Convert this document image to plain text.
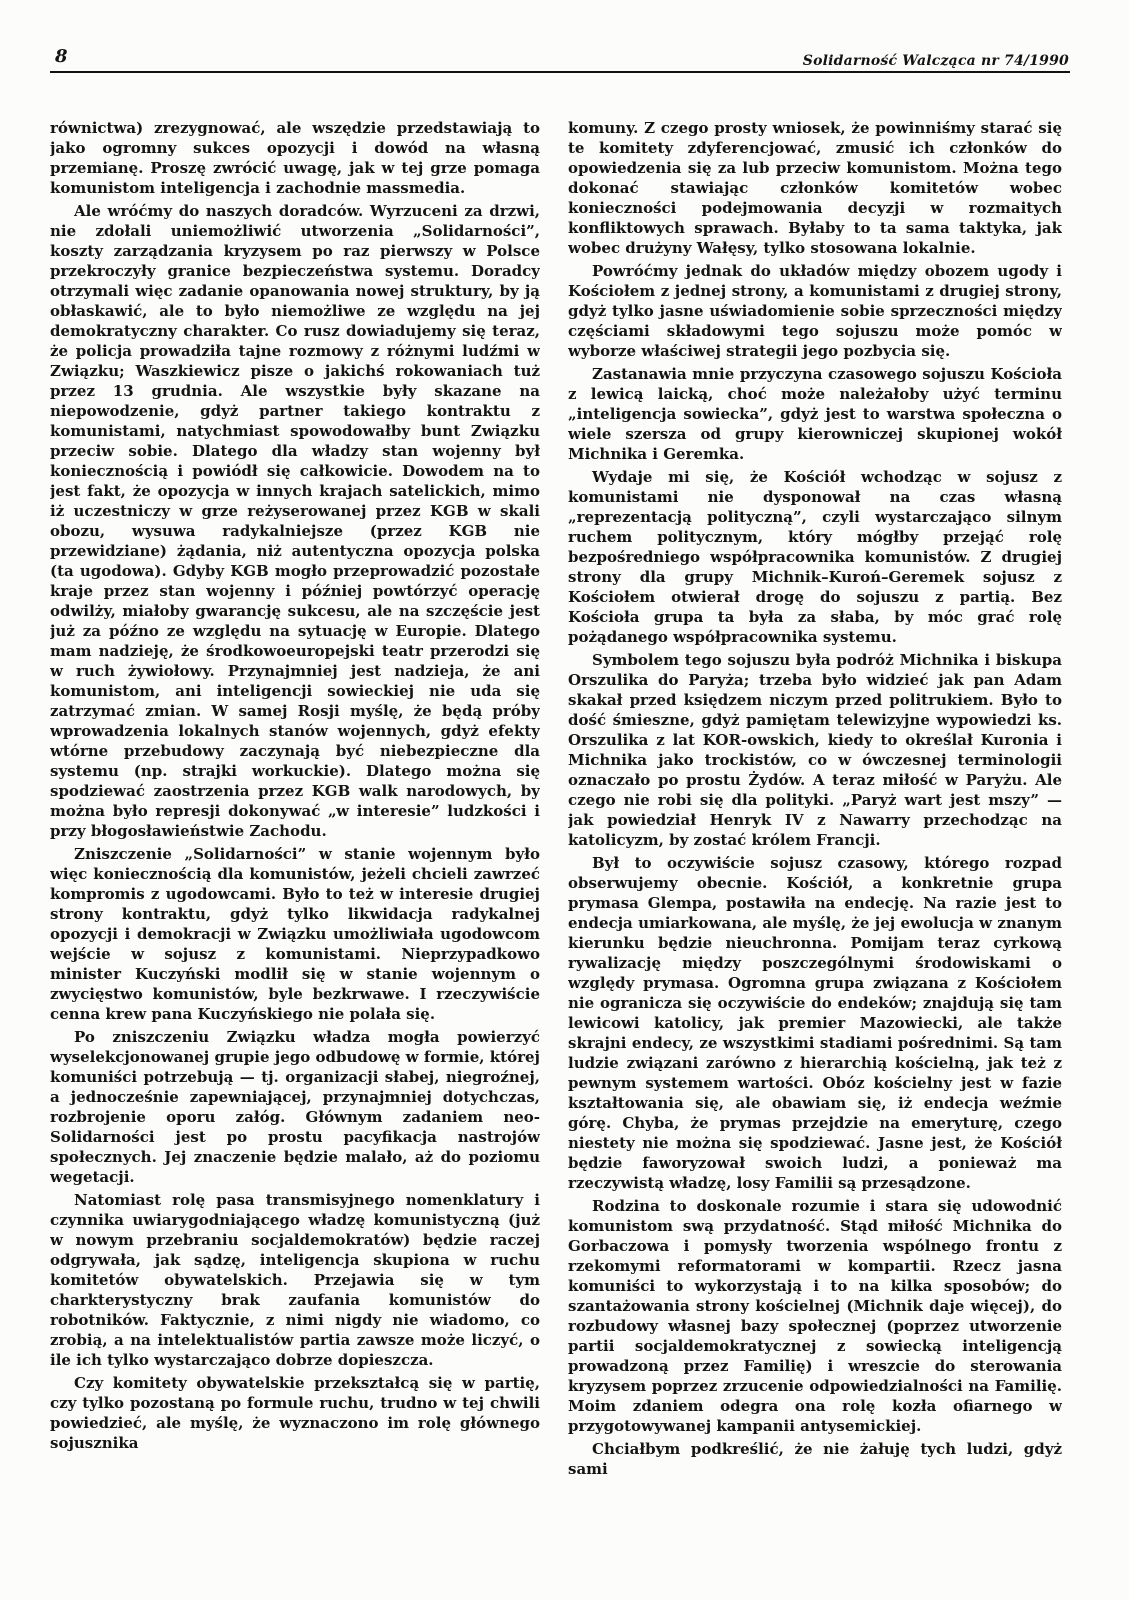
8	Solidarność Walcząca nr 74/1990

równictwa) zrezygnować, ale wszędzie przedstawiają to jako ogromny sukces opozycji i dowód na własną przemianę. Proszę zwrócić uwagę, jak w tej grze pomaga komunistom inteligencja i zachodnie massmedia.

Ale wróćmy do naszych doradców. Wyrzuceni za drzwi, nie zdołali uniemożliwić utworzenia „Solidarności”, koszty zarządzania kryzysem po raz pierwszy w Polsce przekroczyły granice bezpieczeństwa systemu. Doradcy otrzymali więc zadanie opanowania nowej struktury, by ją obłaskawić, ale to było niemożliwe ze względu na jej demokratyczny charakter. Co rusz dowiadujemy się teraz, że policja prowadziła tajne rozmowy z różnymi ludźmi w Związku; Waszkiewicz pisze o jakichś rokowaniach tuż przez 13 grudnia. Ale wszystkie były skazane na niepowodzenie, gdyż partner takiego kontraktu z komunistami, natychmiast spowodowałby bunt Związku przeciw sobie. Dlatego dla władzy stan wojenny był koniecznością i powiódł się całkowicie. Dowodem na to jest fakt, że opozycja w innych krajach satelickich, mimo iż uczestniczy w grze reżyserowanej przez KGB w skali obozu, wysuwa radykalniejsze (przez KGB nie przewidziane) żądania, niż autentyczna opozycja polska (ta ugodowa). Gdyby KGB mogło przeprowadzić pozostałe kraje przez stan wojenny i później powtórzyć operację odwilży, miałoby gwarancję sukcesu, ale na szczęście jest już za późno ze względu na sytuację w Europie. Dlatego mam nadzieję, że środkowoeuropejski teatr przerodzi się w ruch żywiołowy. Przynajmniej jest nadzieja, że ani komunistom, ani inteligencji sowieckiej nie uda się zatrzymać zmian. W samej Rosji myślę, że będą próby wprowadzenia lokalnych stanów wojennych, gdyż efekty wtórne przebudowy zaczynają być niebezpieczne dla systemu (np. strajki workuckie). Dlatego można się spodziewać zaostrzenia przez KGB walk narodowych, by można było represji dokonywać „w interesie” ludzkości i przy błogosławieństwie Zachodu.

Zniszczenie „Solidarności” w stanie wojennym było więc koniecznością dla komunistów, jeżeli chcieli zawrzeć kompromis z ugodowcami. Było to też w interesie drugiej strony kontraktu, gdyż tylko likwidacja radykalnej opozycji i demokracji w Związku umożliwiała ugodowcom wejście w sojusz z komunistami. Nieprzypadkowo minister Kuczyński modlił się w stanie wojennym o zwycięstwo komunistów, byle bezkrwawe. I rzeczywiście cenna krew pana Kuczyńskiego nie polała się.

Po zniszczeniu Związku władza mogła powierzyć wyselekcjonowanej grupie jego odbudowę w formie, której komuniści potrzebują — tj. organizacji słabej, niegroźnej, a jednocześnie zapewniającej, przynajmniej dotychczas, rozbrojenie oporu załóg. Głównym zadaniem neo-Solidarności jest po prostu pacyfikacja nastrojów społecznych. Jej znaczenie będzie malało, aż do poziomu wegetacji.

Natomiast rolę pasa transmisyjnego nomenklatury i czynnika uwiarygodniającego władzę komunistyczną (już w nowym przebraniu socjaldemokratów) będzie raczej odgrywała, jak sądzę, inteligencja skupiona w ruchu komitetów obywatelskich. Przejawia się w tym charkterystyczny brak zaufania komunistów do robotników. Faktycznie, z nimi nigdy nie wiadomo, co zrobią, a na intelektualistów partia zawsze może liczyć, o ile ich tylko wystarczająco dobrze dopieszcza.

Czy komitety obywatelskie przekształcą się w partię, czy tylko pozostaną po formule ruchu, trudno w tej chwili powiedzieć, ale myślę, że wyznaczono im rolę głównego sojusznika

komuny. Z czego prosty wniosek, że powinniśmy starać się te komitety zdyferencjować, zmusić ich członków do opowiedzenia się za lub przeciw komunistom. Można tego dokonać stawiając członków komitetów wobec konieczności podejmowania decyzji w rozmaitych konfliktowych sprawach. Byłaby to ta sama taktyka, jak wobec drużyny Wałęsy, tylko stosowana lokalnie.

Powróćmy jednak do układów między obozem ugody i Kościołem z jednej strony, a komunistami z drugiej strony, gdyż tylko jasne uświadomienie sobie sprzeczności między częściami składowymi tego sojuszu może pomóc w wyborze właściwej strategii jego pozbycia się.

Zastanawia mnie przyczyna czasowego sojuszu Kościoła z lewicą laicką, choć może należałoby użyć terminu „inteligencja sowiecka”, gdyż jest to warstwa społeczna o wiele szersza od grupy kierowniczej skupionej wokół Michnika i Geremka.

Wydaje mi się, że Kościół wchodząc w sojusz z komunistami nie dysponował na czas własną „reprezentacją polityczną”, czyli wystarczająco silnym ruchem politycznym, który mógłby przejąć rolę bezpośredniego współpracownika komunistów. Z drugiej strony dla grupy Michnik–Kuroń–Geremek sojusz z Kościołem otwierał drogę do sojuszu z partią. Bez Kościoła grupa ta była za słaba, by móc grać rolę pożądanego współpracownika systemu.

Symbolem tego sojuszu była podróż Michnika i biskupa Orszulika do Paryża; trzeba było widzieć jak pan Adam skakał przed księdzem niczym przed politrukiem. Było to dość śmieszne, gdyż pamiętam telewizyjne wypowiedzi ks. Orszulika z lat KOR-owskich, kiedy to określał Kuronia i Michnika jako trockistów, co w ówczesnej terminologii oznaczało po prostu Żydów. A teraz miłość w Paryżu. Ale czego nie robi się dla polityki. „Paryż wart jest mszy” — jak powiedział Henryk IV z Nawarry przechodząc na katolicyzm, by zostać królem Francji.

Był to oczywiście sojusz czasowy, którego rozpad obserwujemy obecnie. Kościół, a konkretnie grupa prymasa Glempa, postawiła na endecję. Na razie jest to endecja umiarkowana, ale myślę, że jej ewolucja w znanym kierunku będzie nieuchronna. Pomijam teraz cyrkową rywalizację między poszczególnymi środowiskami o względy prymasa. Ogromna grupa związana z Kościołem nie ogranicza się oczywiście do endeków; znajdują się tam lewicowi katolicy, jak premier Mazowiecki, ale także skrajni endecy, ze wszystkimi stadiami pośrednimi. Są tam ludzie związani zarówno z hierarchią kościelną, jak też z pewnym systemem wartości. Obóz kościelny jest w fazie kształtowania się, ale obawiam się, iż endecja weźmie górę. Chyba, że prymas przejdzie na emeryturę, czego niestety nie można się spodziewać. Jasne jest, że Kościół będzie faworyzował swoich ludzi, a ponieważ ma rzeczywistą władzę, losy Familii są przesądzone.

Rodzina to doskonale rozumie i stara się udowodnić komunistom swą przydatność. Stąd miłość Michnika do Gorbaczowa i pomysły tworzenia wspólnego frontu z rzekomymi reformatorami w kompartii. Rzecz jasna komuniści to wykorzystają i to na kilka sposobów; do szantażowania strony kościelnej (Michnik daje więcej), do rozbudowy własnej bazy społecznej (poprzez utworzenie partii socjaldemokratycznej z sowiecką inteligencją prowadzoną przez Familię) i wreszcie do sterowania kryzysem poprzez zrzucenie odpowiedzialności na Familię. Moim zdaniem odegra ona rolę kozła ofiarnego w przygotowywanej kampanii antysemickiej.

Chciałbym podkreślić, że nie żałuję tych ludzi, gdyż sami
